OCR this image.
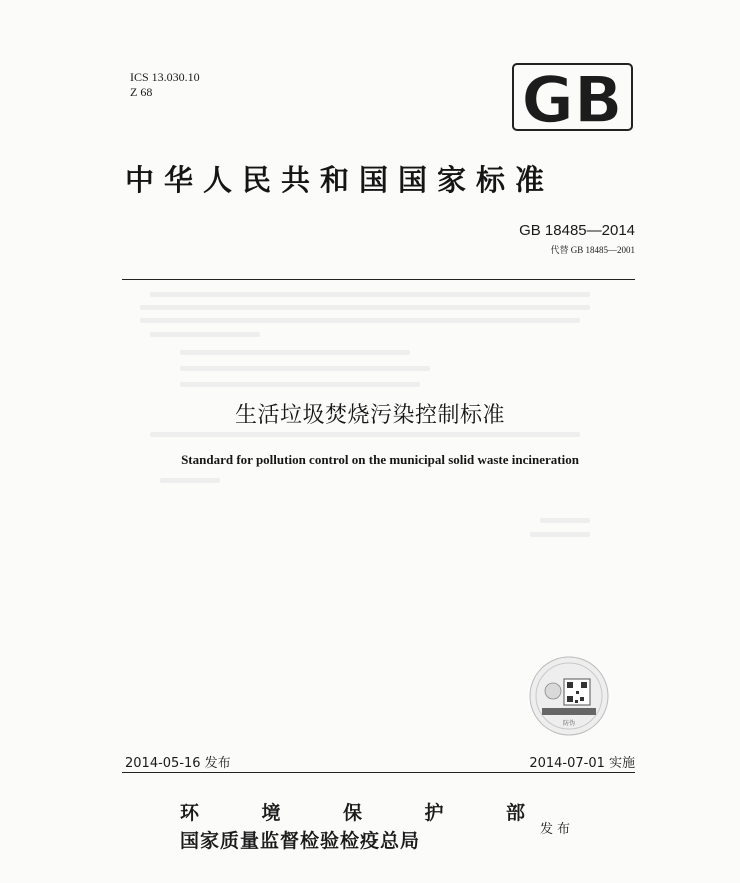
ICS 13.030.10
Z 68	GB
中华人民共和国国家标准
GB 18485—2014
代替 GB 18485—2001
生活垃圾焚烧污染控制标准
Standard for pollution control on the municipal solid waste incineration
防伪
2014-05-16 发布	2014-07-01 实施
环	境	保	护	部
国家质量监督检验检疫总局
发布
